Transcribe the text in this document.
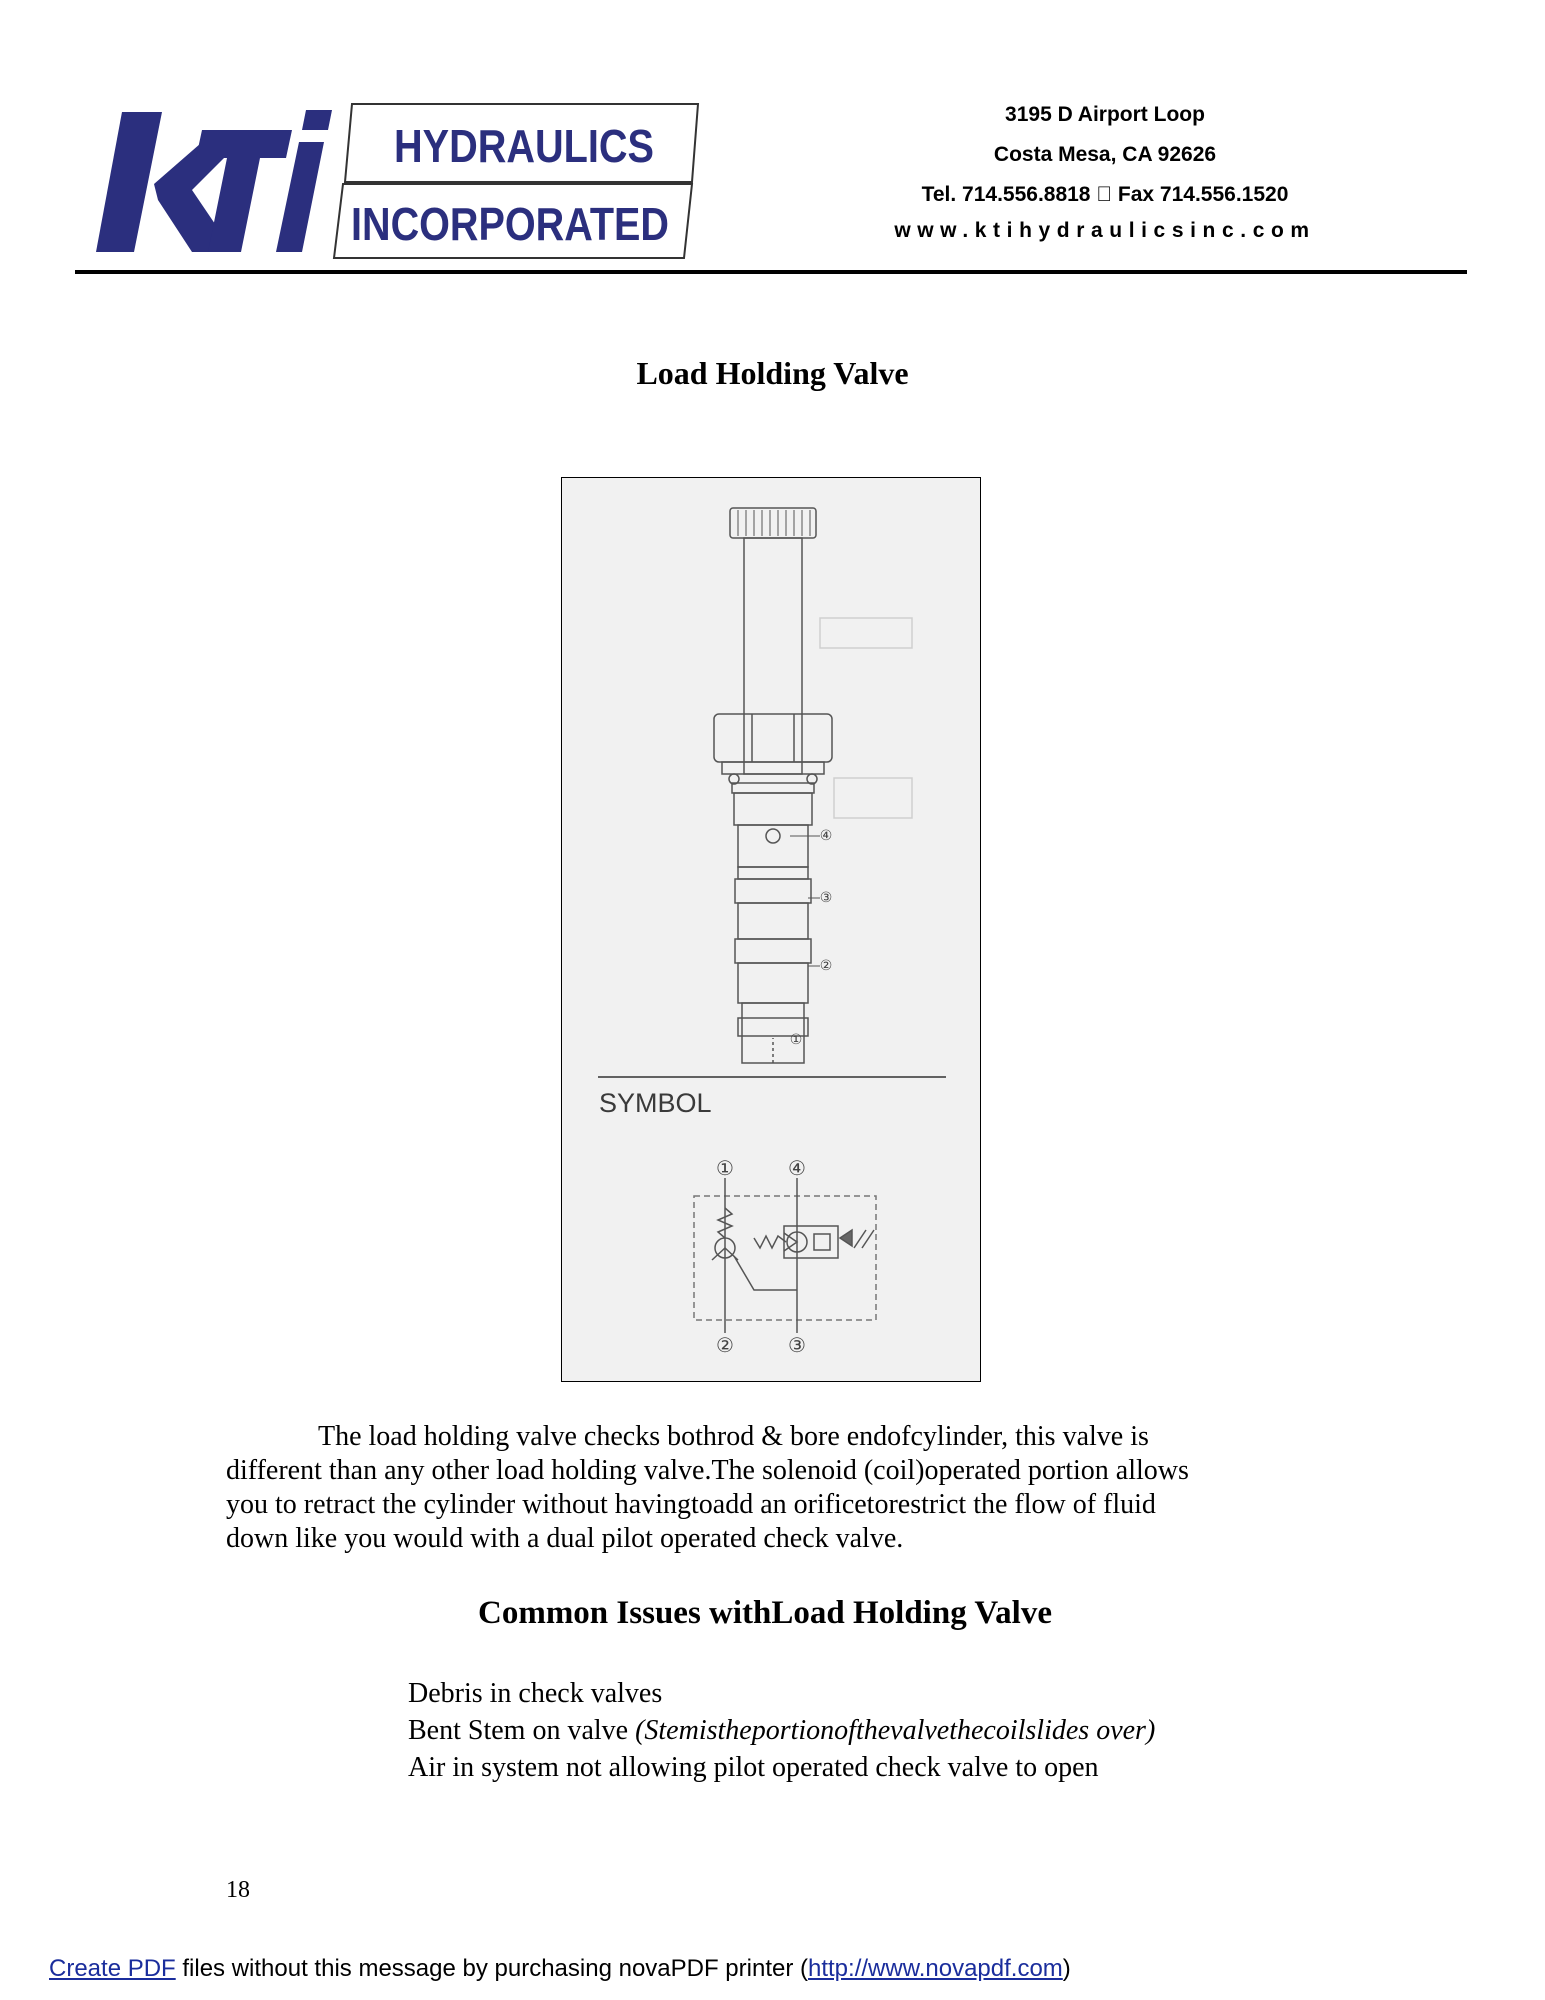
HYDRAULICS
INCORPORATED
3195 D Airport Loop
Costa Mesa, CA 92626
Tel. 714.556.8818 Fax 714.556.1520
www.ktihydraulicsinc.com
Load Holding Valve
④
③
②
①
①	④
②	③
SYMBOL
The load holding valve checks bothrod & bore endofcylinder, this valve is
different than any other load holding valve.The solenoid (coil)operated portion allows
you to retract the cylinder without havingtoadd an orificetorestrict the flow of fluid
down like you would with a dual pilot operated check valve.
Common Issues withLoad Holding Valve
Debris in check valves
Bent Stem on valve (Stemistheportionofthevalvethecoilslides over)
Air in system not allowing pilot operated check valve to open
18
Create PDF files without this message by purchasing novaPDF printer (http://www.novapdf.com)
